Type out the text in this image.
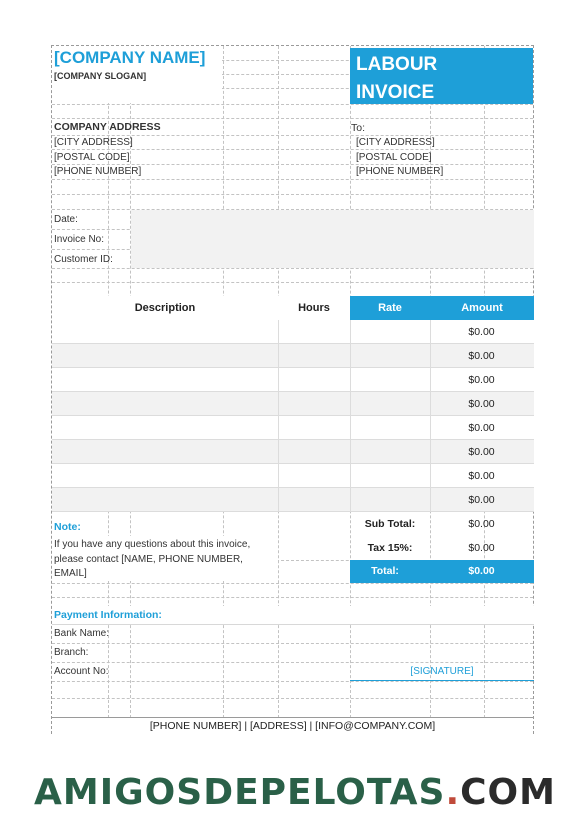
[COMPANY NAME]
[COMPANY SLOGAN]
LABOUR
INVOICE
COMPANY ADDRESS
[CITY ADDRESS]
[POSTAL CODE]
[PHONE NUMBER]
To:
[CITY ADDRESS]
[POSTAL CODE]
[PHONE NUMBER]
Date:
Invoice No:
Customer ID:
Description	Hours	Rate	Amount
$0.00
$0.00
$0.00
$0.00
$0.00
$0.00
$0.00
$0.00
Note:
If you have any questions about this invoice,
please contact [NAME, PHONE NUMBER,
EMAIL]
Sub Total:	$0.00
Tax 15%:	$0.00
Total:	$0.00
Payment Information:
Bank Name:
Branch:
Account No:	[SIGNATURE]
[PHONE NUMBER] | [ADDRESS] | [INFO@COMPANY.COM]
AMIGOSDEPELOTAS.COM
